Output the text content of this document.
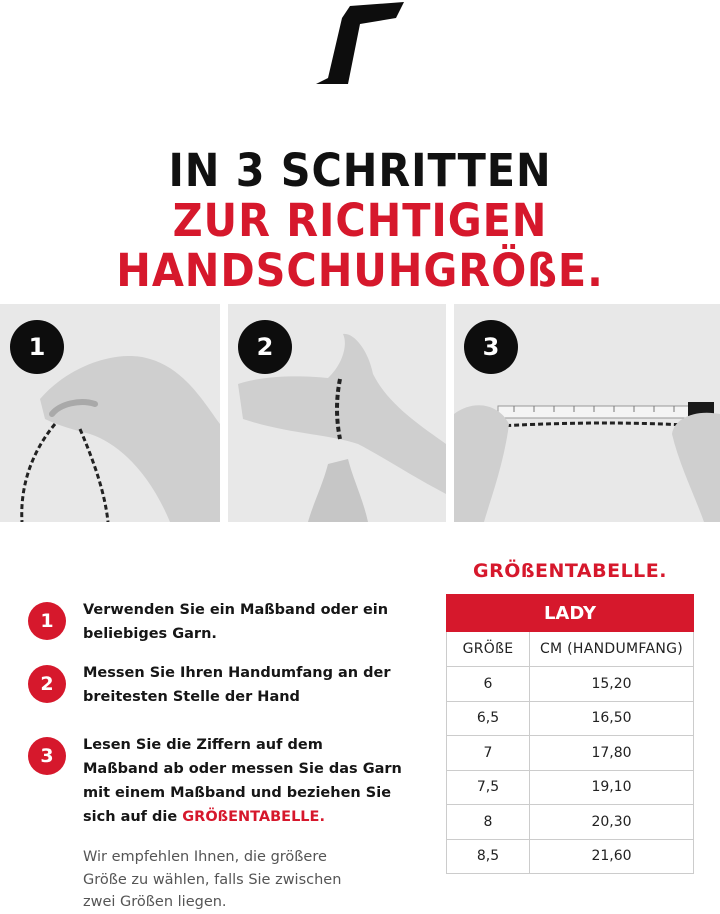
IN 3 SCHRITTEN
ZUR RICHTIGEN
HANDSCHUHGRÖßE.
1	2	3
1	Verwenden Sie ein Maßband oder ein beliebiges Garn.
2	Messen Sie Ihren Handumfang an der breitesten Stelle der Hand
3	Lesen Sie die Ziffern auf dem Maßband ab oder messen Sie das Garn mit einem Maßband und beziehen Sie sich auf die GRÖßENTABELLE.
Wir empfehlen Ihnen, die größere Größe zu wählen, falls Sie zwischen zwei Größen liegen.
GRÖßENTABELLE.
LADY	
GRÖßE	CM (HANDUMFANG)
6	15,20
6,5	16,50
7	17,80
7,5	19,10
8	20,30
8,5	21,60
